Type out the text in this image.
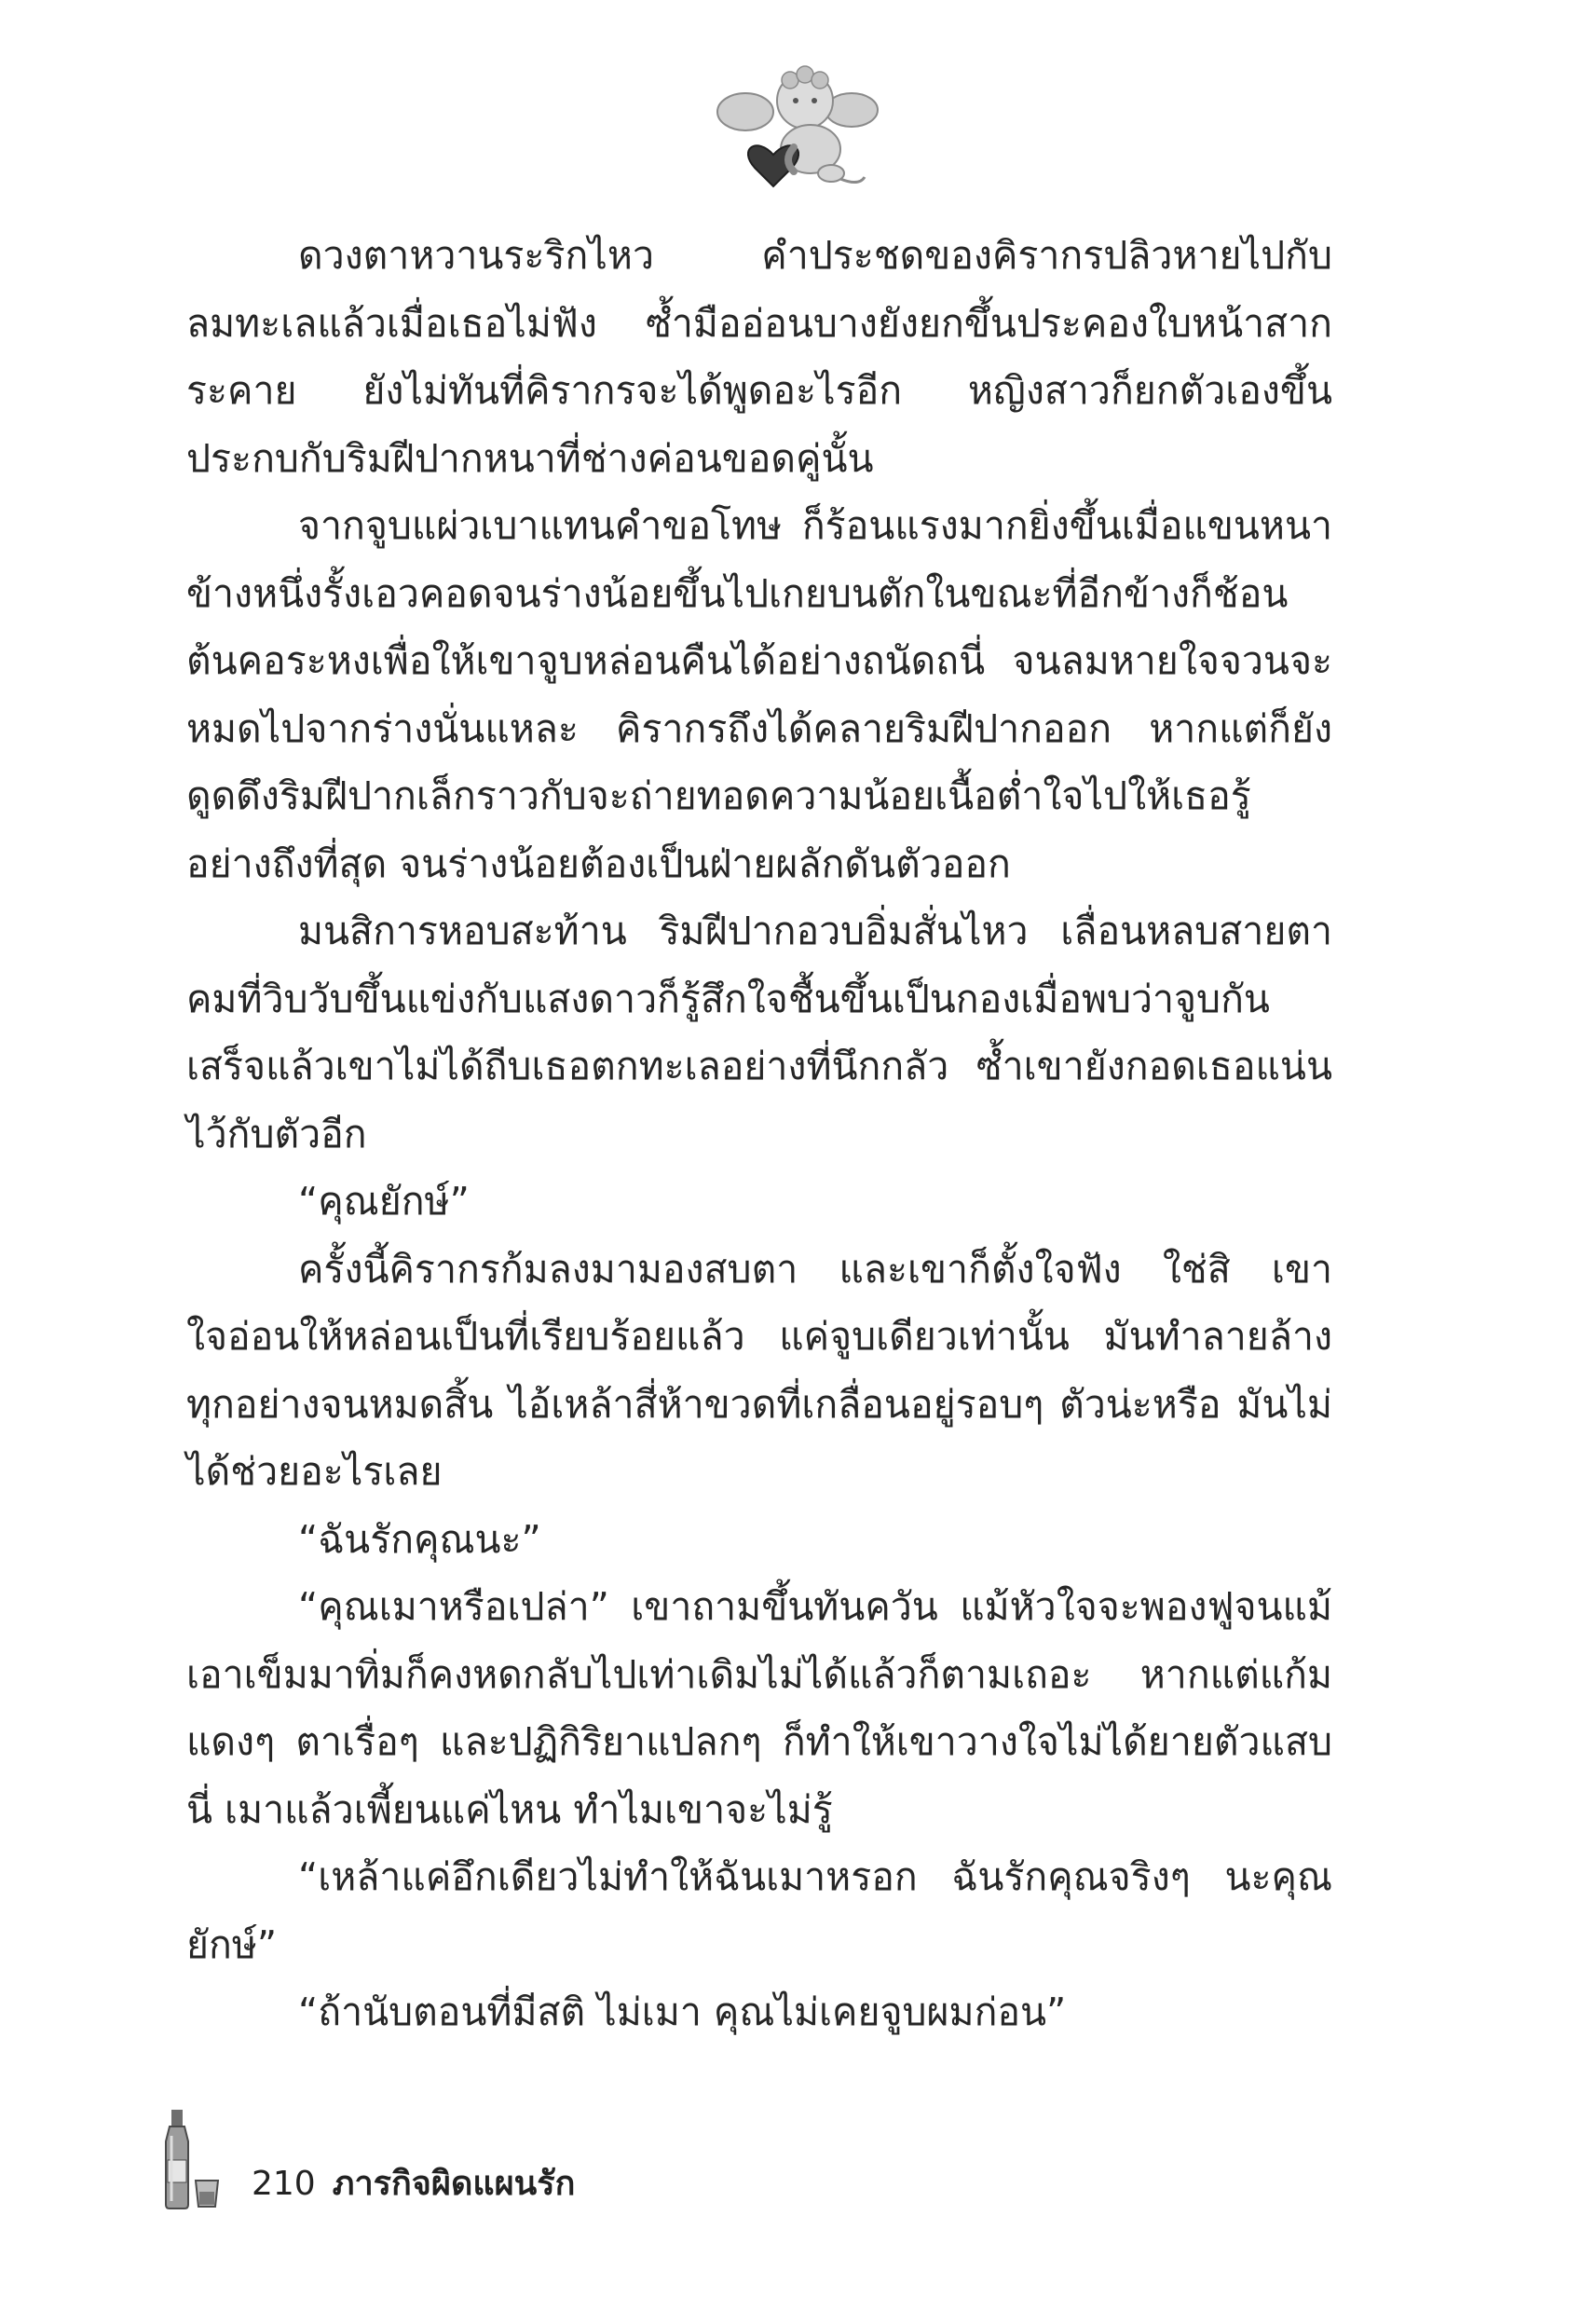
ดวงตาหวานระริกไหว คำประชดของคิรากรปลิวหายไปกับลมทะเลแล้วเมื่อเธอไม่ฟัง ซ้ำมืออ่อนบางยังยกขึ้นประคองใบหน้าสากระคาย ยังไม่ทันที่คิรากรจะได้พูดอะไรอีก หญิงสาวก็ยกตัวเองขึ้นประกบกับริมฝีปากหนาที่ช่างค่อนขอดคู่นั้น

จากจูบแผ่วเบาแทนคำขอโทษ ก็ร้อนแรงมากยิ่งขึ้นเมื่อแขนหนาข้างหนึ่งรั้งเอวคอดจนร่างน้อยขึ้นไปเกยบนตักในขณะที่อีกข้างก็ช้อนต้นคอระหงเพื่อให้เขาจูบหล่อนคืนได้อย่างถนัดถนี่ จนลมหายใจจวนจะหมดไปจากร่างนั่นแหละ คิรากรถึงได้คลายริมฝีปากออก หากแต่ก็ยังดูดดึงริมฝีปากเล็กราวกับจะถ่ายทอดความน้อยเนื้อต่ำใจไปให้เธอรู้อย่างถึงที่สุด จนร่างน้อยต้องเป็นฝ่ายผลักดันตัวออก

มนสิการหอบสะท้าน ริมฝีปากอวบอิ่มสั่นไหว เลื่อนหลบสายตาคมที่วิบวับขึ้นแข่งกับแสงดาวก็รู้สึกใจชื้นขึ้นเป็นกองเมื่อพบว่าจูบกันเสร็จแล้วเขาไม่ได้ถีบเธอตกทะเลอย่างที่นึกกลัว ซ้ำเขายังกอดเธอแน่นไว้กับตัวอีก

“คุณยักษ์”

ครั้งนี้คิรากรก้มลงมามองสบตา และเขาก็ตั้งใจฟัง ใช่สิ เขาใจอ่อนให้หล่อนเป็นที่เรียบร้อยแล้ว แค่จูบเดียวเท่านั้น มันทำลายล้างทุกอย่างจนหมดสิ้น ไอ้เหล้าสี่ห้าขวดที่เกลื่อนอยู่รอบๆ ตัวน่ะหรือ มันไม่ได้ช่วยอะไรเลย

“ฉันรักคุณนะ”

“คุณเมาหรือเปล่า” เขาถามขึ้นทันควัน แม้หัวใจจะพองฟูจนแม้เอาเข็มมาทิ่มก็คงหดกลับไปเท่าเดิมไม่ได้แล้วก็ตามเถอะ หากแต่แก้มแดงๆ ตาเรื่อๆ และปฏิกิริยาแปลกๆ ก็ทำให้เขาวางใจไม่ได้ยายตัวแสบนี่ เมาแล้วเพี้ยนแค่ไหน ทำไมเขาจะไม่รู้

“เหล้าแค่อึกเดียวไม่ทำให้ฉันเมาหรอก ฉันรักคุณจริงๆ นะคุณยักษ์”

“ถ้านับตอนที่มีสติ ไม่เมา คุณไม่เคยจูบผมก่อน”

210 ภารกิจผิดแผนรัก
